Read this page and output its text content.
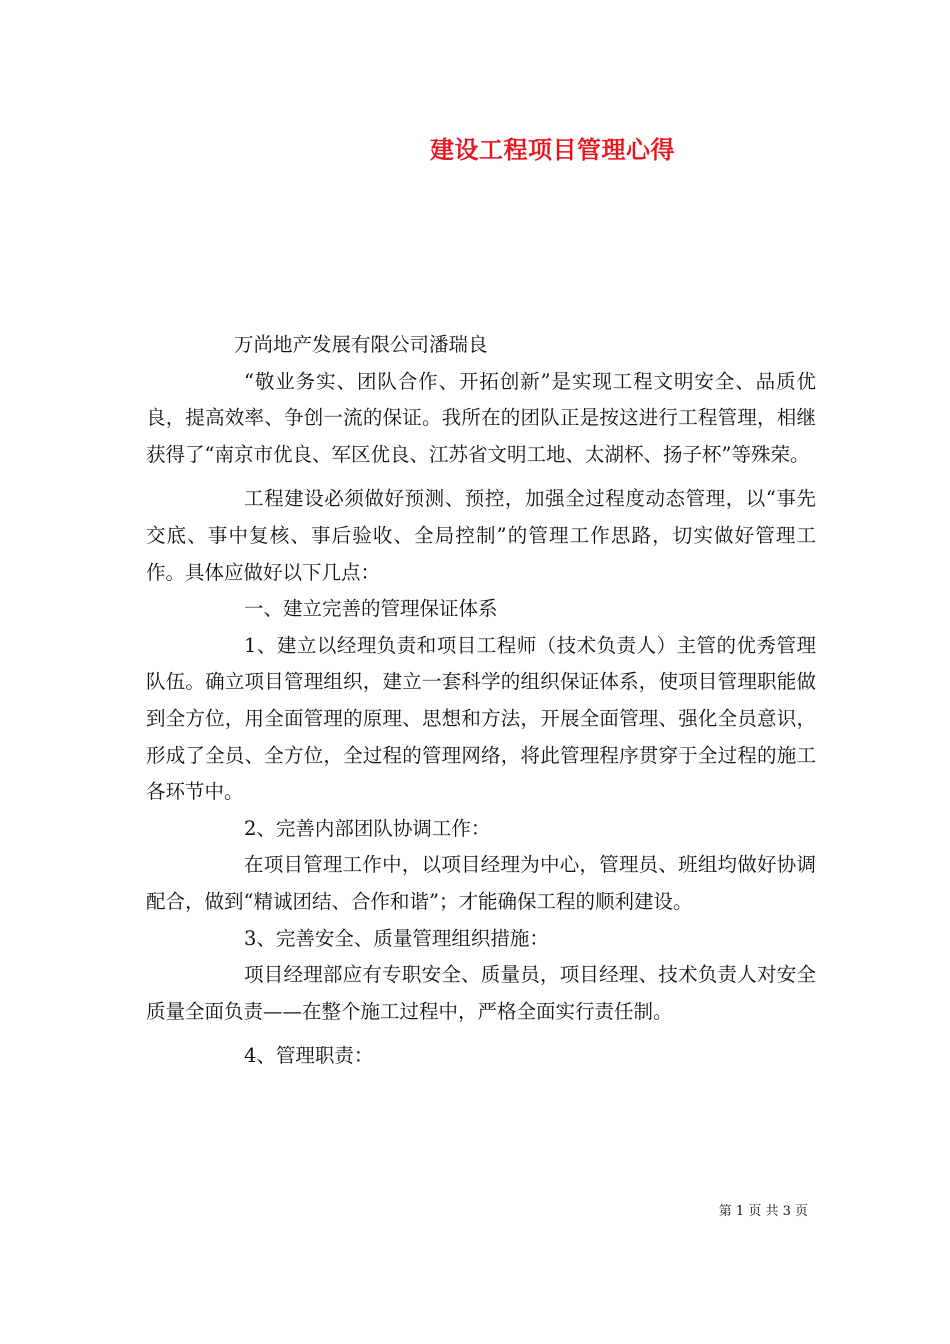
建设工程项目管理心得

万尚地产发展有限公司潘瑞良

“敬业务实、团队合作、开拓创新”是实现工程文明安全、品质优良，提高效率、争创一流的保证。我所在的团队正是按这进行工程管理，相继获得了“南京市优良、军区优良、江苏省文明工地、太湖杯、扬子杯”等殊荣。

工程建设必须做好预测、预控，加强全过程度动态管理，以“事先交底、事中复核、事后验收、全局控制”的管理工作思路，切实做好管理工作。具体应做好以下几点：

一、建立完善的管理保证体系

1、建立以经理负责和项目工程师（技术负责人）主管的优秀管理队伍。确立项目管理组织，建立一套科学的组织保证体系，使项目管理职能做到全方位，用全面管理的原理、思想和方法，开展全面管理、强化全员意识，形成了全员、全方位，全过程的管理网络，将此管理程序贯穿于全过程的施工各环节中。

2、完善内部团队协调工作：

在项目管理工作中，以项目经理为中心，管理员、班组均做好协调配合，做到“精诚团结、合作和谐”；才能确保工程的顺利建设。

3、完善安全、质量管理组织措施：

项目经理部应有专职安全、质量员，项目经理、技术负责人对安全质量全面负责——在整个施工过程中，严格全面实行责任制。

4、管理职责：

第 1 页 共 3 页
